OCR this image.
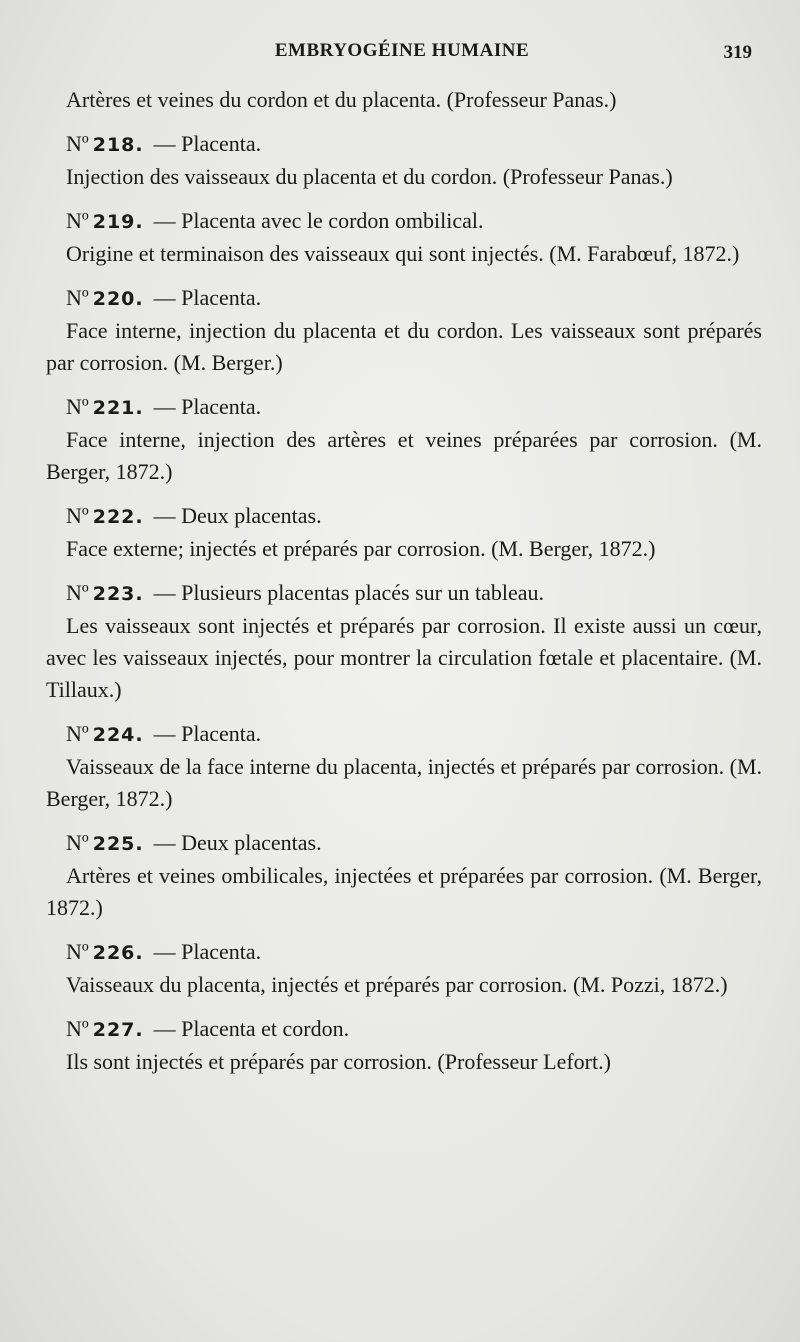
EMBRYOGÉINE HUMAINE	319
Artères et veines du cordon et du placenta. (Professeur Panas.)
Nº 218. — Placenta.
Injection des vaisseaux du placenta et du cordon. (Professeur Panas.)
Nº 219. — Placenta avec le cordon ombilical.
Origine et terminaison des vaisseaux qui sont injectés. (M. Farabœuf, 1872.)
Nº 220. — Placenta.
Face interne, injection du placenta et du cordon. Les vaisseaux sont préparés par corrosion. (M. Berger.)
Nº 221. — Placenta.
Face interne, injection des artères et veines préparées par corrosion. (M. Berger, 1872.)
Nº 222. — Deux placentas.
Face externe; injectés et préparés par corrosion. (M. Berger, 1872.)
Nº 223. — Plusieurs placentas placés sur un tableau.
Les vaisseaux sont injectés et préparés par corrosion. Il existe aussi un cœur, avec les vaisseaux injectés, pour montrer la circulation fœtale et placentaire. (M. Tillaux.)
Nº 224. — Placenta.
Vaisseaux de la face interne du placenta, injectés et préparés par corrosion. (M. Berger, 1872.)
Nº 225. — Deux placentas.
Artères et veines ombilicales, injectées et préparées par corrosion. (M. Berger, 1872.)
Nº 226. — Placenta.
Vaisseaux du placenta, injectés et préparés par corrosion. (M. Pozzi, 1872.)
Nº 227. — Placenta et cordon.
Ils sont injectés et préparés par corrosion. (Professeur Lefort.)
